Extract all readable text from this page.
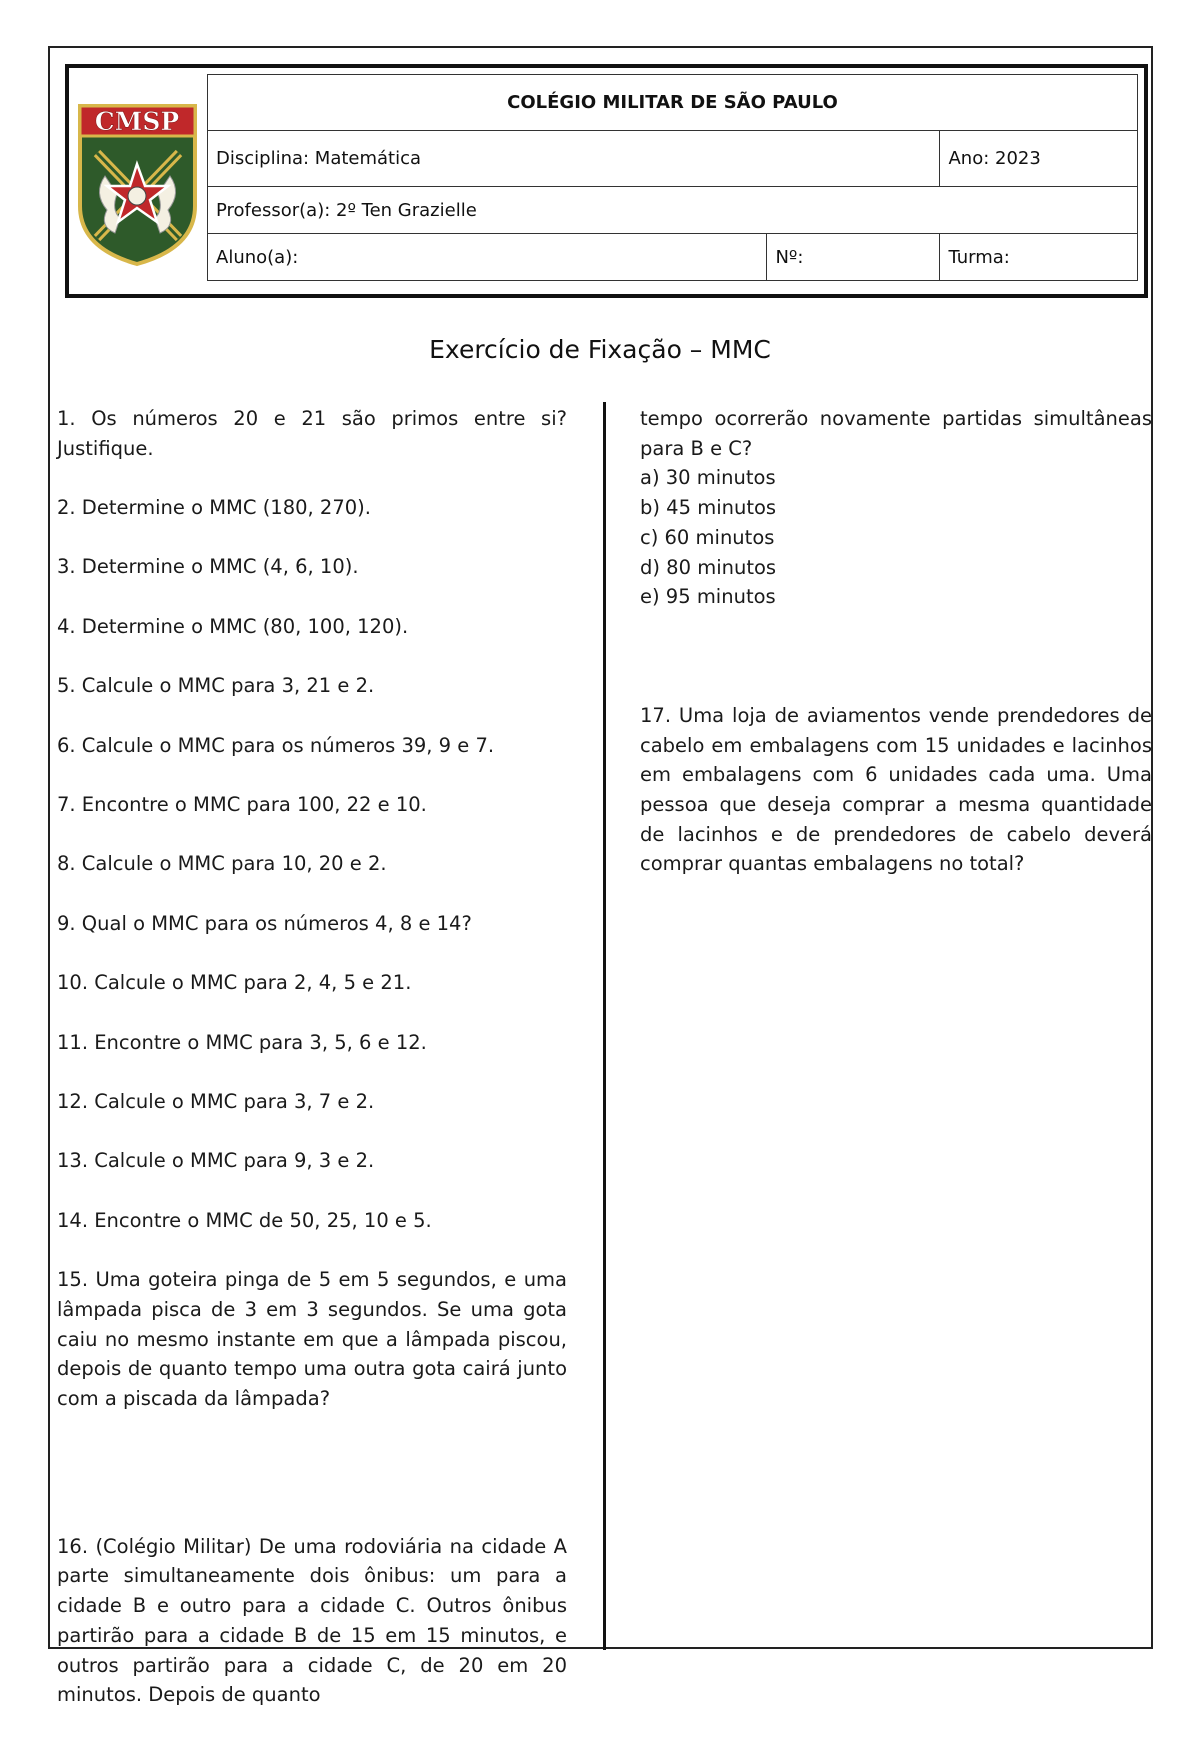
CMSP
COLÉGIO MILITAR DE SÃO PAULO		
Disciplina: Matemática		Ano: 2023
Professor(a): 2º Ten Grazielle		
Aluno(a):	Nº:	Turma:
Exercício de Fixação – MMC

1. Os números 20 e 21 são primos entre si? Justifique.

2. Determine o MMC (180, 270).

3. Determine o MMC (4, 6, 10).

4. Determine o MMC (80, 100, 120).

5. Calcule o MMC para 3, 21 e 2.

6. Calcule o MMC para os números 39, 9 e 7.

7. Encontre o MMC para 100, 22 e 10.

8. Calcule o MMC para 10, 20 e 2.

9. Qual o MMC para os números 4, 8 e 14?

10. Calcule o MMC para 2, 4, 5 e 21.

11. Encontre o MMC para 3, 5, 6 e 12.

12. Calcule o MMC para 3, 7 e 2.

13. Calcule o MMC para 9, 3 e 2.

14. Encontre o MMC de 50, 25, 10 e 5.

15. Uma goteira pinga de 5 em 5 segundos, e uma lâmpada pisca de 3 em 3 segundos. Se uma gota caiu no mesmo instante em que a lâmpada piscou, depois de quanto tempo uma outra gota cairá junto com a piscada da lâmpada?

16. (Colégio Militar) De uma rodoviária na cidade A parte simultaneamente dois ônibus: um para a cidade B e outro para a cidade C. Outros ônibus partirão para a cidade B de 15 em 15 minutos, e outros partirão para a cidade C, de 20 em 20 minutos. Depois de quanto

tempo ocorrerão novamente partidas simultâneas para B e C?

a) 30 minutos

b) 45 minutos

c) 60 minutos

d) 80 minutos

e) 95 minutos

17. Uma loja de aviamentos vende prendedores de cabelo em embalagens com 15 unidades e lacinhos em embalagens com 6 unidades cada uma. Uma pessoa que deseja comprar a mesma quantidade de lacinhos e de prendedores de cabelo deverá comprar quantas embalagens no total?
